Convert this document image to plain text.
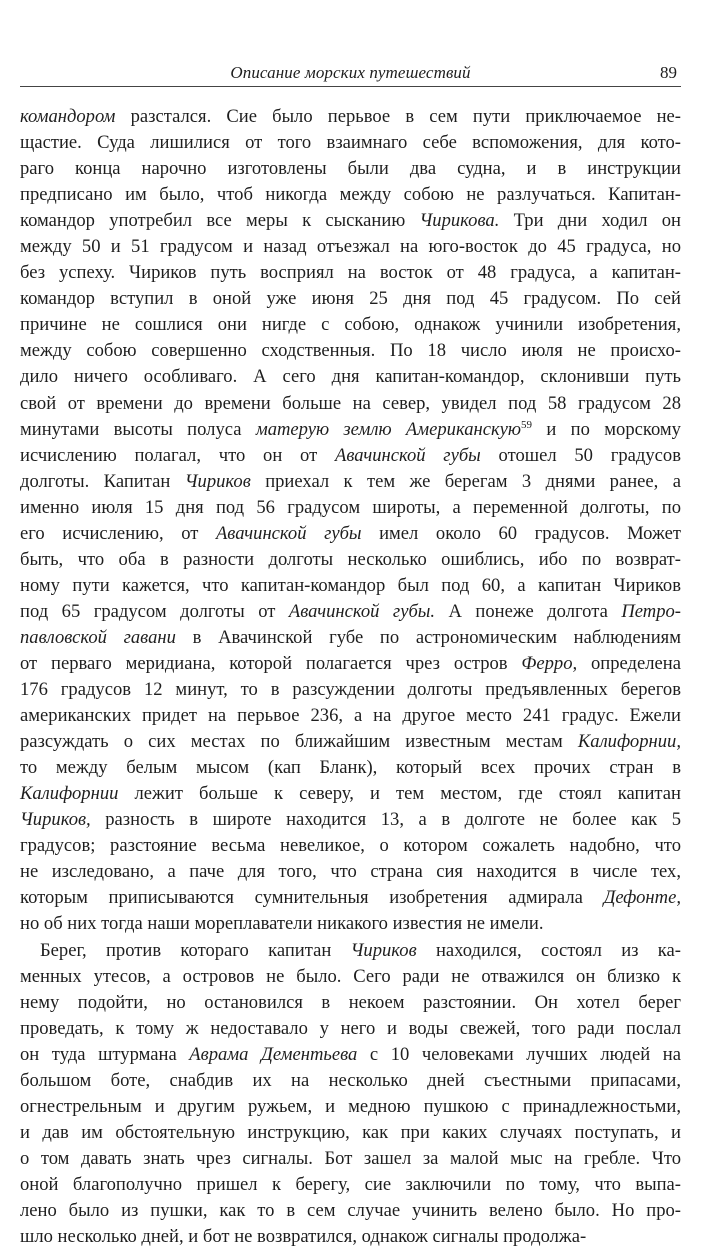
Описание морских путешествий	89
командором разстался. Сие было перьвое в сем пути приключаемое не-
щастие. Суда лишилися от того взаимнаго себе вспоможения, для кото-
раго конца нарочно изготовлены были два судна, и в инструкции
предписано им было, чтоб никогда между собою не разлучаться. Капитан-
командор употребил все меры к сысканию Чирикова. Три дни ходил он
между 50 и 51 градусом и назад отъезжал на юго-восток до 45 градуса, но
без успеху. Чириков путь восприял на восток от 48 градуса, а капитан-
командор вступил в оной уже июня 25 дня под 45 градусом. По сей
причине не сошлися они нигде с собою, однакож учинили изобретения,
между собою совершенно сходственныя. По 18 число июля не происхо-
дило ничего особливаго. А сего дня капитан-командор, склонивши путь
свой от времени до времени больше на север, увидел под 58 градусом 28
минутами высоты полуса матерую землю Американскую$^{59}$ и по морскому
исчислению полагал, что он от Авачинской губы отошел 50 градусов
долготы. Капитан Чириков приехал к тем же берегам 3 днями ранее, а
именно июля 15 дня под 56 градусом широты, а переменной долготы, по
его исчислению, от Авачинской губы имел около 60 градусов. Может
быть, что оба в разности долготы несколько ошиблись, ибо по возврат-
ному пути кажется, что капитан-командор был под 60, а капитан Чириков
под 65 градусом долготы от Авачинской губы. А понеже долгота Петро-
павловской гавани в Авачинской губе по астрономическим наблюдениям
от перваго меридиана, которой полагается чрез остров Ферро, определена
176 градусов 12 минут, то в разсуждении долготы предъявленных берегов
американских придет на перьвое 236, а на другое место 241 градус. Ежели
разсуждать о сих местах по ближайшим известным местам Калифорнии,
то между белым мысом (кап Бланк), который всех прочих стран в
Калифорнии лежит больше к северу, и тем местом, где стоял капитан
Чириков, разность в широте находится 13, а в долготе не более как 5
градусов; разстояние весьма невеликое, о котором сожалеть надобно, что
не изследовано, а паче для того, что страна сия находится в числе тех,
которым приписываются сумнительныя изобретения адмирала Дефонте,
но об них тогда наши мореплаватели никакого известия не имели.
Берег, против котораго капитан Чириков находился, состоял из ка-
менных утесов, а островов не было. Сего ради не отважился он близко к
нему подойти, но остановился в некоем разстоянии. Он хотел берег
проведать, к тому ж недоставало у него и воды свежей, того ради послал
он туда штурмана Аврама Дементьева с 10 человеками лучших людей на
большом боте, снабдив их на несколько дней съестными припасами,
огнестрельным и другим ружьем, и медною пушкою с принадлежностьми,
и дав им обстоятельную инструкцию, как при каких случаях поступать, и
о том давать знать чрез сигналы. Бот зашел за малой мыс на гребле. Что
оной благополучно пришел к берегу, сие заключили по тому, что выпа-
лено было из пушки, как то в сем случае учинить велено было. Но про-
шло несколько дней, и бот не возвратился, однакож сигналы продолжа-
